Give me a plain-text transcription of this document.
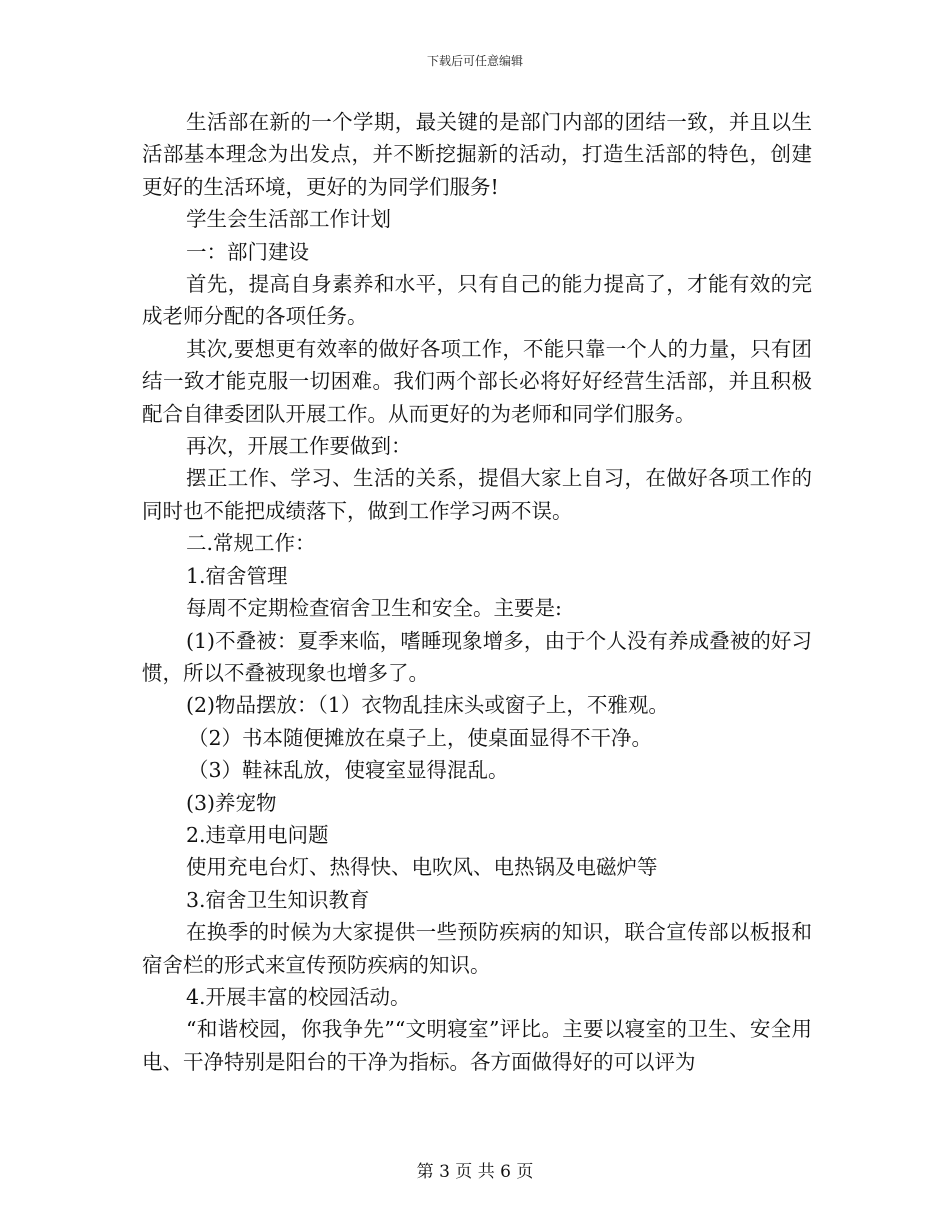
下载后可任意编辑

生活部在新的一个学期，最关键的是部门内部的团结一致，并且以生活部基本理念为出发点，并不断挖掘新的活动，打造生活部的特色，创建更好的生活环境，更好的为同学们服务!

学生会生活部工作计划

一：部门建设

首先，提高自身素养和水平，只有自己的能力提高了，才能有效的完成老师分配的各项任务。

其次,要想更有效率的做好各项工作，不能只靠一个人的力量，只有团结一致才能克服一切困难。我们两个部长必将好好经营生活部，并且积极配合自律委团队开展工作。从而更好的为老师和同学们服务。

再次，开展工作要做到：

摆正工作、学习、生活的关系，提倡大家上自习，在做好各项工作的同时也不能把成绩落下，做到工作学习两不误。

二.常规工作：

1.宿舍管理

每周不定期检查宿舍卫生和安全。主要是:

(1)不叠被：夏季来临，嗜睡现象增多，由于个人没有养成叠被的好习惯，所以不叠被现象也增多了。

(2)物品摆放：（1）衣物乱挂床头或窗子上，不雅观。

（2）书本随便摊放在桌子上，使桌面显得不干净。

（3）鞋袜乱放，使寝室显得混乱。

(3)养宠物

2.违章用电问题

使用充电台灯、热得快、电吹风、电热锅及电磁炉等

3.宿舍卫生知识教育

在换季的时候为大家提供一些预防疾病的知识，联合宣传部以板报和宿舍栏的形式来宣传预防疾病的知识。

4.开展丰富的校园活动。

“和谐校园，你我争先”“文明寝室”评比。主要以寝室的卫生、安全用电、干净特别是阳台的干净为指标。各方面做得好的可以评为

第 3 页 共 6 页
